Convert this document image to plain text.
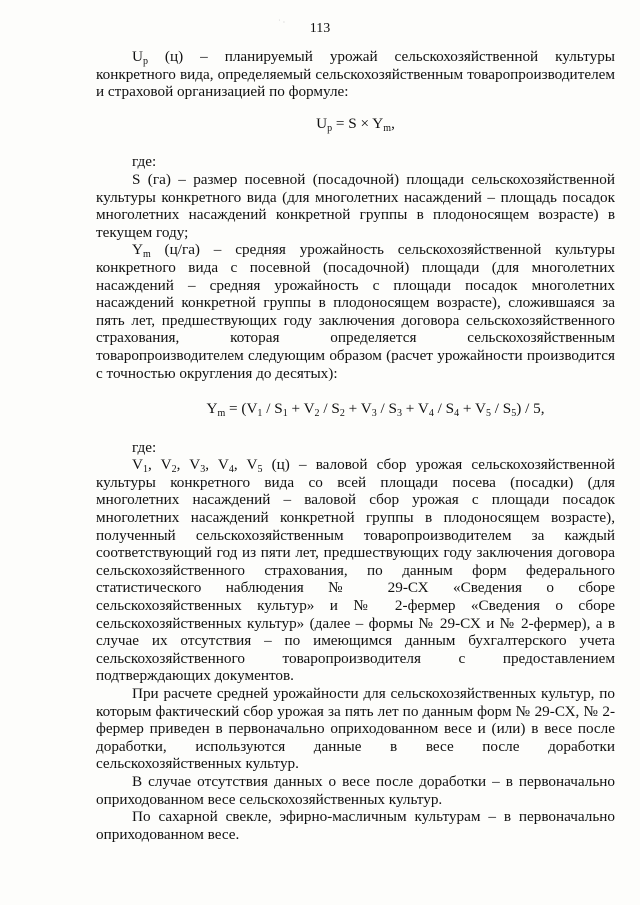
˙ ·	113

$U_p$ (ц) – планируемый урожай сельскохозяйственной культуры конкретного вида, определяемый сельскохозяйственным товаропроизводителем и страховой организацией по формуле:

$U_p = S \times Y_m$,

где:

S (га) – размер посевной (посадочной) площади сельскохозяйственной культуры конкретного вида (для многолетних насаждений – площадь посадок многолетних насаждений конкретной группы в плодоносящем возрасте) в текущем году;

$Y_m$ (ц/га) – средняя урожайность сельскохозяйственной культуры конкретного вида с посевной (посадочной) площади (для многолетних насаждений – средняя урожайность с площади посадок многолетних насаждений конкретной группы в плодоносящем возрасте), сложившаяся за пять лет, предшествующих году заключения договора сельскохозяйственного страхования, которая определяется сельскохозяйственным товаропроизводителем следующим образом (расчет урожайности производится с точностью округления до десятых):

$Y_m = (V_1 / S_1 + V_2 / S_2 + V_3 / S_3 + V_4 / S_4 + V_5 / S_5) / 5$,

где:

$V_1$, $V_2$, $V_3$, $V_4$, $V_5$ (ц) – валовой сбор урожая сельскохозяйственной культуры конкретного вида со всей площади посева (посадки) (для многолетних насаждений – валовой сбор урожая с площади посадок многолетних насаждений конкретной группы в плодоносящем возрасте), полученный сельскохозяйственным товаропроизводителем за каждый соответствующий год из пяти лет, предшествующих году заключения договора сельскохозяйственного страхования, по данным форм федерального статистического наблюдения № 29-СХ «Сведения о сборе сельскохозяйственных культур» и № 2-фермер «Сведения о сборе сельскохозяйственных культур» (далее – формы № 29-СХ и № 2-фермер), а в случае их отсутствия – по имеющимся данным бухгалтерского учета сельскохозяйственного товаропроизводителя с предоставлением подтверждающих документов.

При расчете средней урожайности для сельскохозяйственных культур, по которым фактический сбор урожая за пять лет по данным форм № 29-СХ, № 2-фермер приведен в первоначально оприходованном весе и (или) в весе после доработки, используются данные в весе после доработки сельскохозяйственных культур.

В случае отсутствия данных о весе после доработки – в первоначально оприходованном весе сельскохозяйственных культур.

По сахарной свекле, эфирно-масличным культурам – в первоначально оприходованном весе.
